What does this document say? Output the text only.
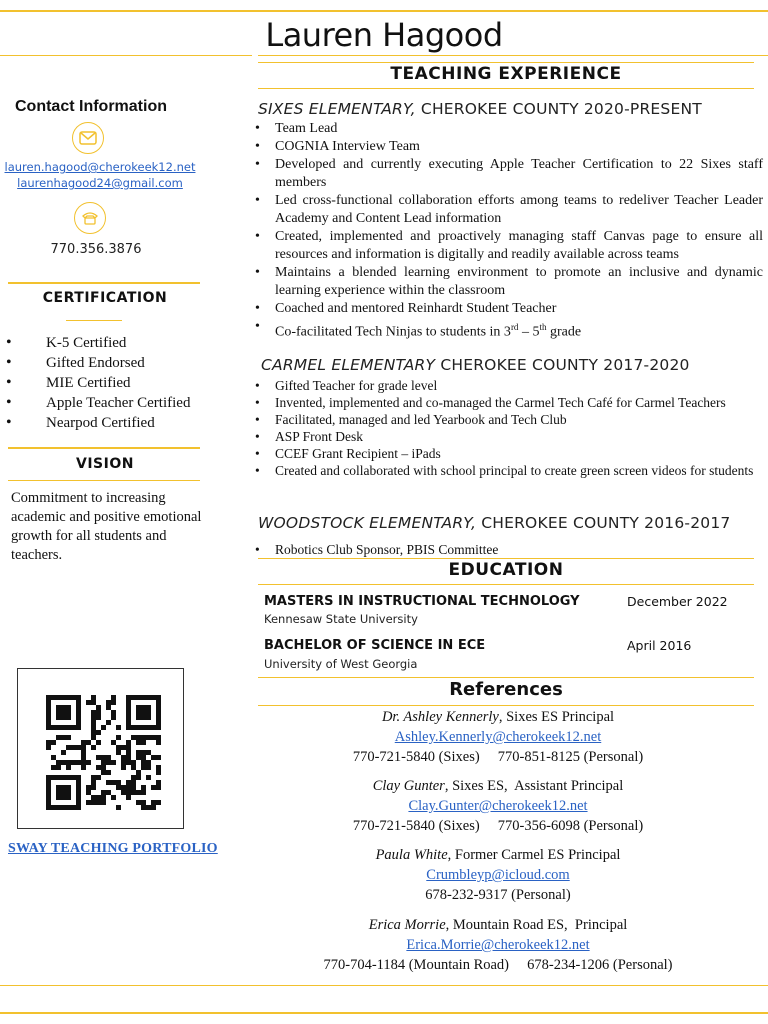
Lauren Hagood
Contact Information
lauren.hagood@cherokeek12.net
laurenhagood24@gmail.com
770.356.3876
CERTIFICATION
• K-5 Certified
• Gifted Endorsed
• MIE Certified
• Apple Teacher Certified
• Nearpod Certified
VISION
Commitment to increasing academic and positive emotional growth for all students and teachers.
SWAY TEACHING PORTFOLIO
TEACHING EXPERIENCE
SIXES ELEMENTARY, CHEROKEE COUNTY 2020-PRESENT
• Team Lead
• COGNIA Interview Team
• Developed and currently executing Apple Teacher Certification to 22 Sixes staff members
• Led cross-functional collaboration efforts among teams to redeliver Teacher Leader Academy and Content Lead information
• Created, implemented and proactively managing staff Canvas page to ensure all resources and information is digitally and readily available across teams
• Maintains a blended learning environment to promote an inclusive and dynamic learning experience within the classroom
• Coached and mentored Reinhardt Student Teacher
• Co-facilitated Tech Ninjas to students in 3rd – 5th grade
CARMEL ELEMENTARY CHEROKEE COUNTY 2017-2020
• Gifted Teacher for grade level
• Invented, implemented and co-managed the Carmel Tech Café for Carmel Teachers
• Facilitated, managed and led Yearbook and Tech Club
• ASP Front Desk
• CCEF Grant Recipient – iPads
• Created and collaborated with school principal to create green screen videos for students
WOODSTOCK ELEMENTARY, CHEROKEE COUNTY 2016-2017
• Robotics Club Sponsor, PBIS Committee
EDUCATION
MASTERS IN INSTRUCTIONAL TECHNOLOGY	December 2022
Kennesaw State University
BACHELOR OF SCIENCE IN ECE	April 2016
University of West Georgia
References
Dr. Ashley Kennerly, Sixes ES Principal
Ashley.Kennerly@cherokeek12.net
770-721-5840 (Sixes)     770-851-8125 (Personal)
Clay Gunter, Sixes ES,  Assistant Principal
Clay.Gunter@cherokeek12.net
770-721-5840 (Sixes)     770-356-6098 (Personal)
Paula White, Former Carmel ES Principal
Crumbleyp@icloud.com
678-232-9317 (Personal)
Erica Morrie, Mountain Road ES,  Principal
Erica.Morrie@cherokeek12.net
770-704-1184 (Mountain Road)     678-234-1206 (Personal)
